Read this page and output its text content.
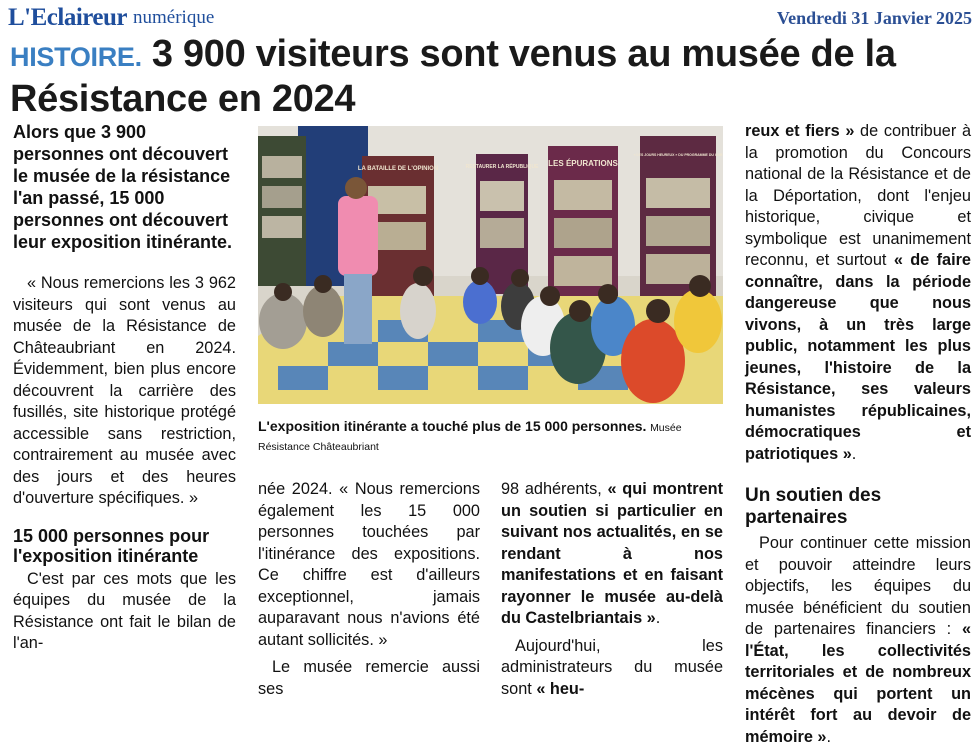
L'Eclaireur numérique	Vendredi 31 Janvier 2025
HISTOIRE. 3 900 visiteurs sont venus au musée de la Résistance en 2024

Alors que 3 900 personnes ont découvert le musée de la résistance l'an passé, 15 000 personnes ont découvert leur exposition itinérante.

« Nous remercions les 3 962 visiteurs qui sont venus au musée de la Résistance de Châteaubriant en 2024. Évidemment, bien plus encore découvrent la carrière des fusillés, site historique protégé accessible sans restriction, contrairement au musée avec des jours et des heures d'ouverture spécifiques. »

15 000 personnes pour l'exposition itinérante

C'est par ces mots que les équipes du musée de la Résistance ont fait le bilan de l'an-

LA BATAILLE DE L'OPINION	RESTAURER LA RÉPUBLIQUE LES ÉPURATIONS
« LES JOURS HEUREUX » DU PROGRAMME DU CNR
L'exposition itinérante a touché plus de 15 000 personnes. Musée Résistance Châteaubriant

née 2024. « Nous remercions également les 15 000 personnes touchées par l'itinérance des expositions. Ce chiffre est d'ailleurs exceptionnel, jamais auparavant nous n'avions été autant sollicités. »

Le musée remercie aussi ses

98 adhérents, « qui montrent un soutien si particulier en suivant nos actualités, en se rendant à nos manifestations et en faisant rayonner le musée au-delà du Castelbriantais ».

Aujourd'hui, les administrateurs du musée sont « heu-

reux et fiers » de contribuer à la promotion du Concours national de la Résistance et de la Déportation, dont l'enjeu historique, civique et symbolique est unanimement reconnu, et surtout « de faire connaître, dans la période dangereuse que nous vivons, à un très large public, notamment les plus jeunes, l'histoire de la Résistance, ses valeurs humanistes républicaines, démocratiques et patriotiques ».

Un soutien des partenaires

Pour continuer cette mission et pouvoir atteindre leurs objectifs, les équipes du musée bénéficient du soutien de partenaires financiers : « l'État, les collectivités territoriales et de nombreux mécènes qui portent un intérêt fort au devoir de mémoire ».
